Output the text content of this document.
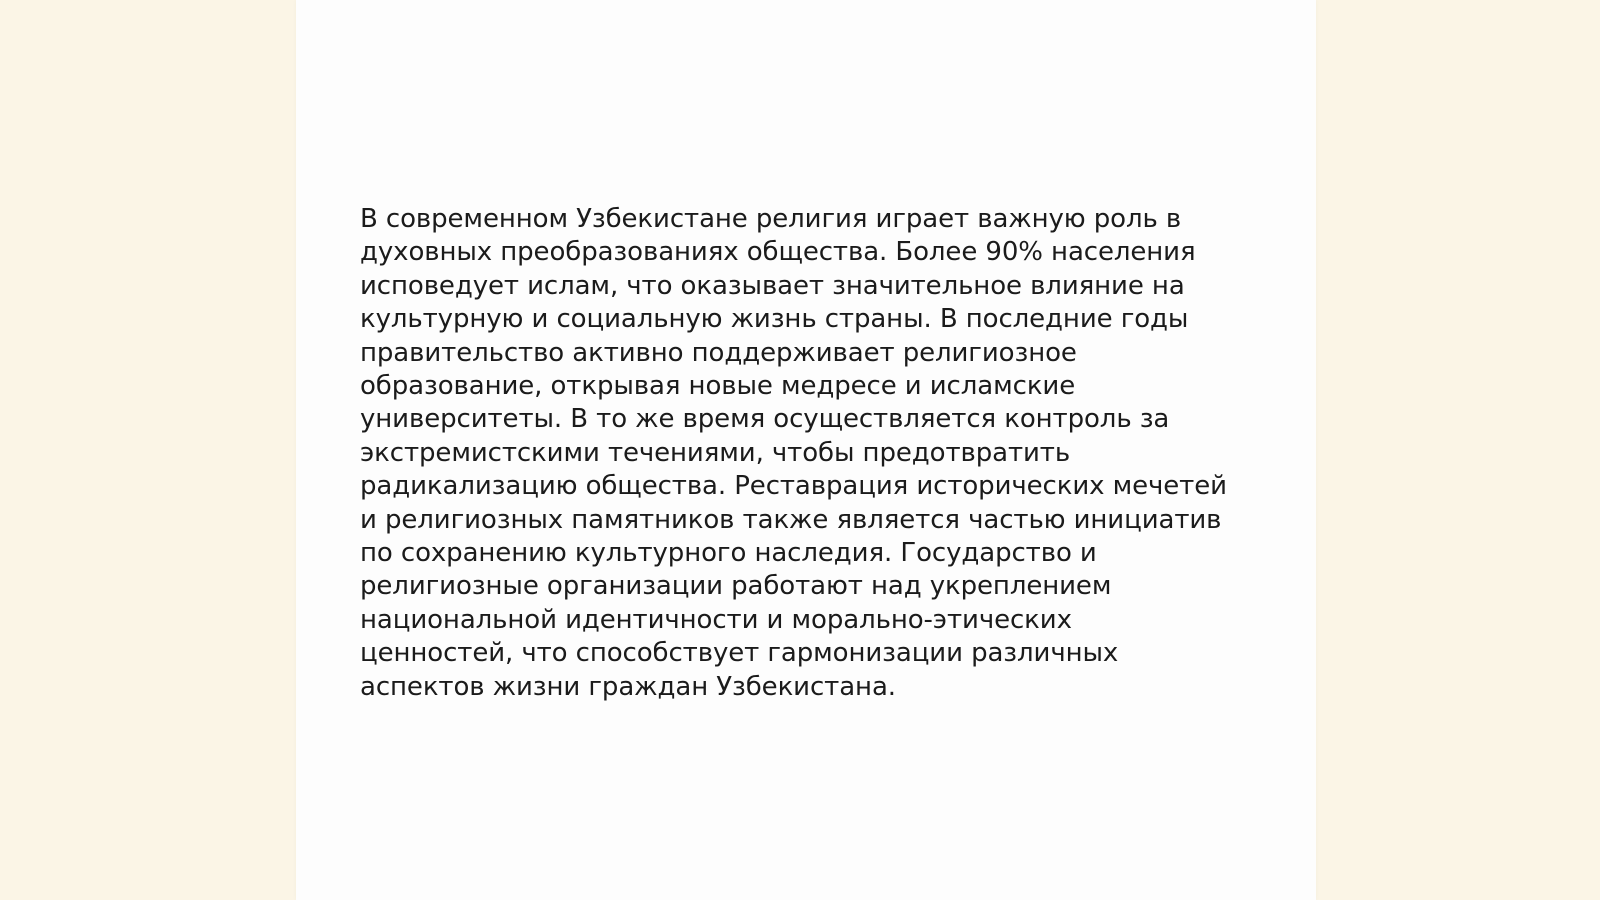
В современном Узбекистане религия играет важную роль в
духовных преобразованиях общества. Более 90% населения
исповедует ислам, что оказывает значительное влияние на
культурную и социальную жизнь страны. В последние годы
правительство активно поддерживает религиозное
образование, открывая новые медресе и исламские
университеты. В то же время осуществляется контроль за
экстремистскими течениями, чтобы предотвратить
радикализацию общества. Реставрация исторических мечетей
и религиозных памятников также является частью инициатив
по сохранению культурного наследия. Государство и
религиозные организации работают над укреплением
национальной идентичности и морально-этических
ценностей, что способствует гармонизации различных
аспектов жизни граждан Узбекистана.
